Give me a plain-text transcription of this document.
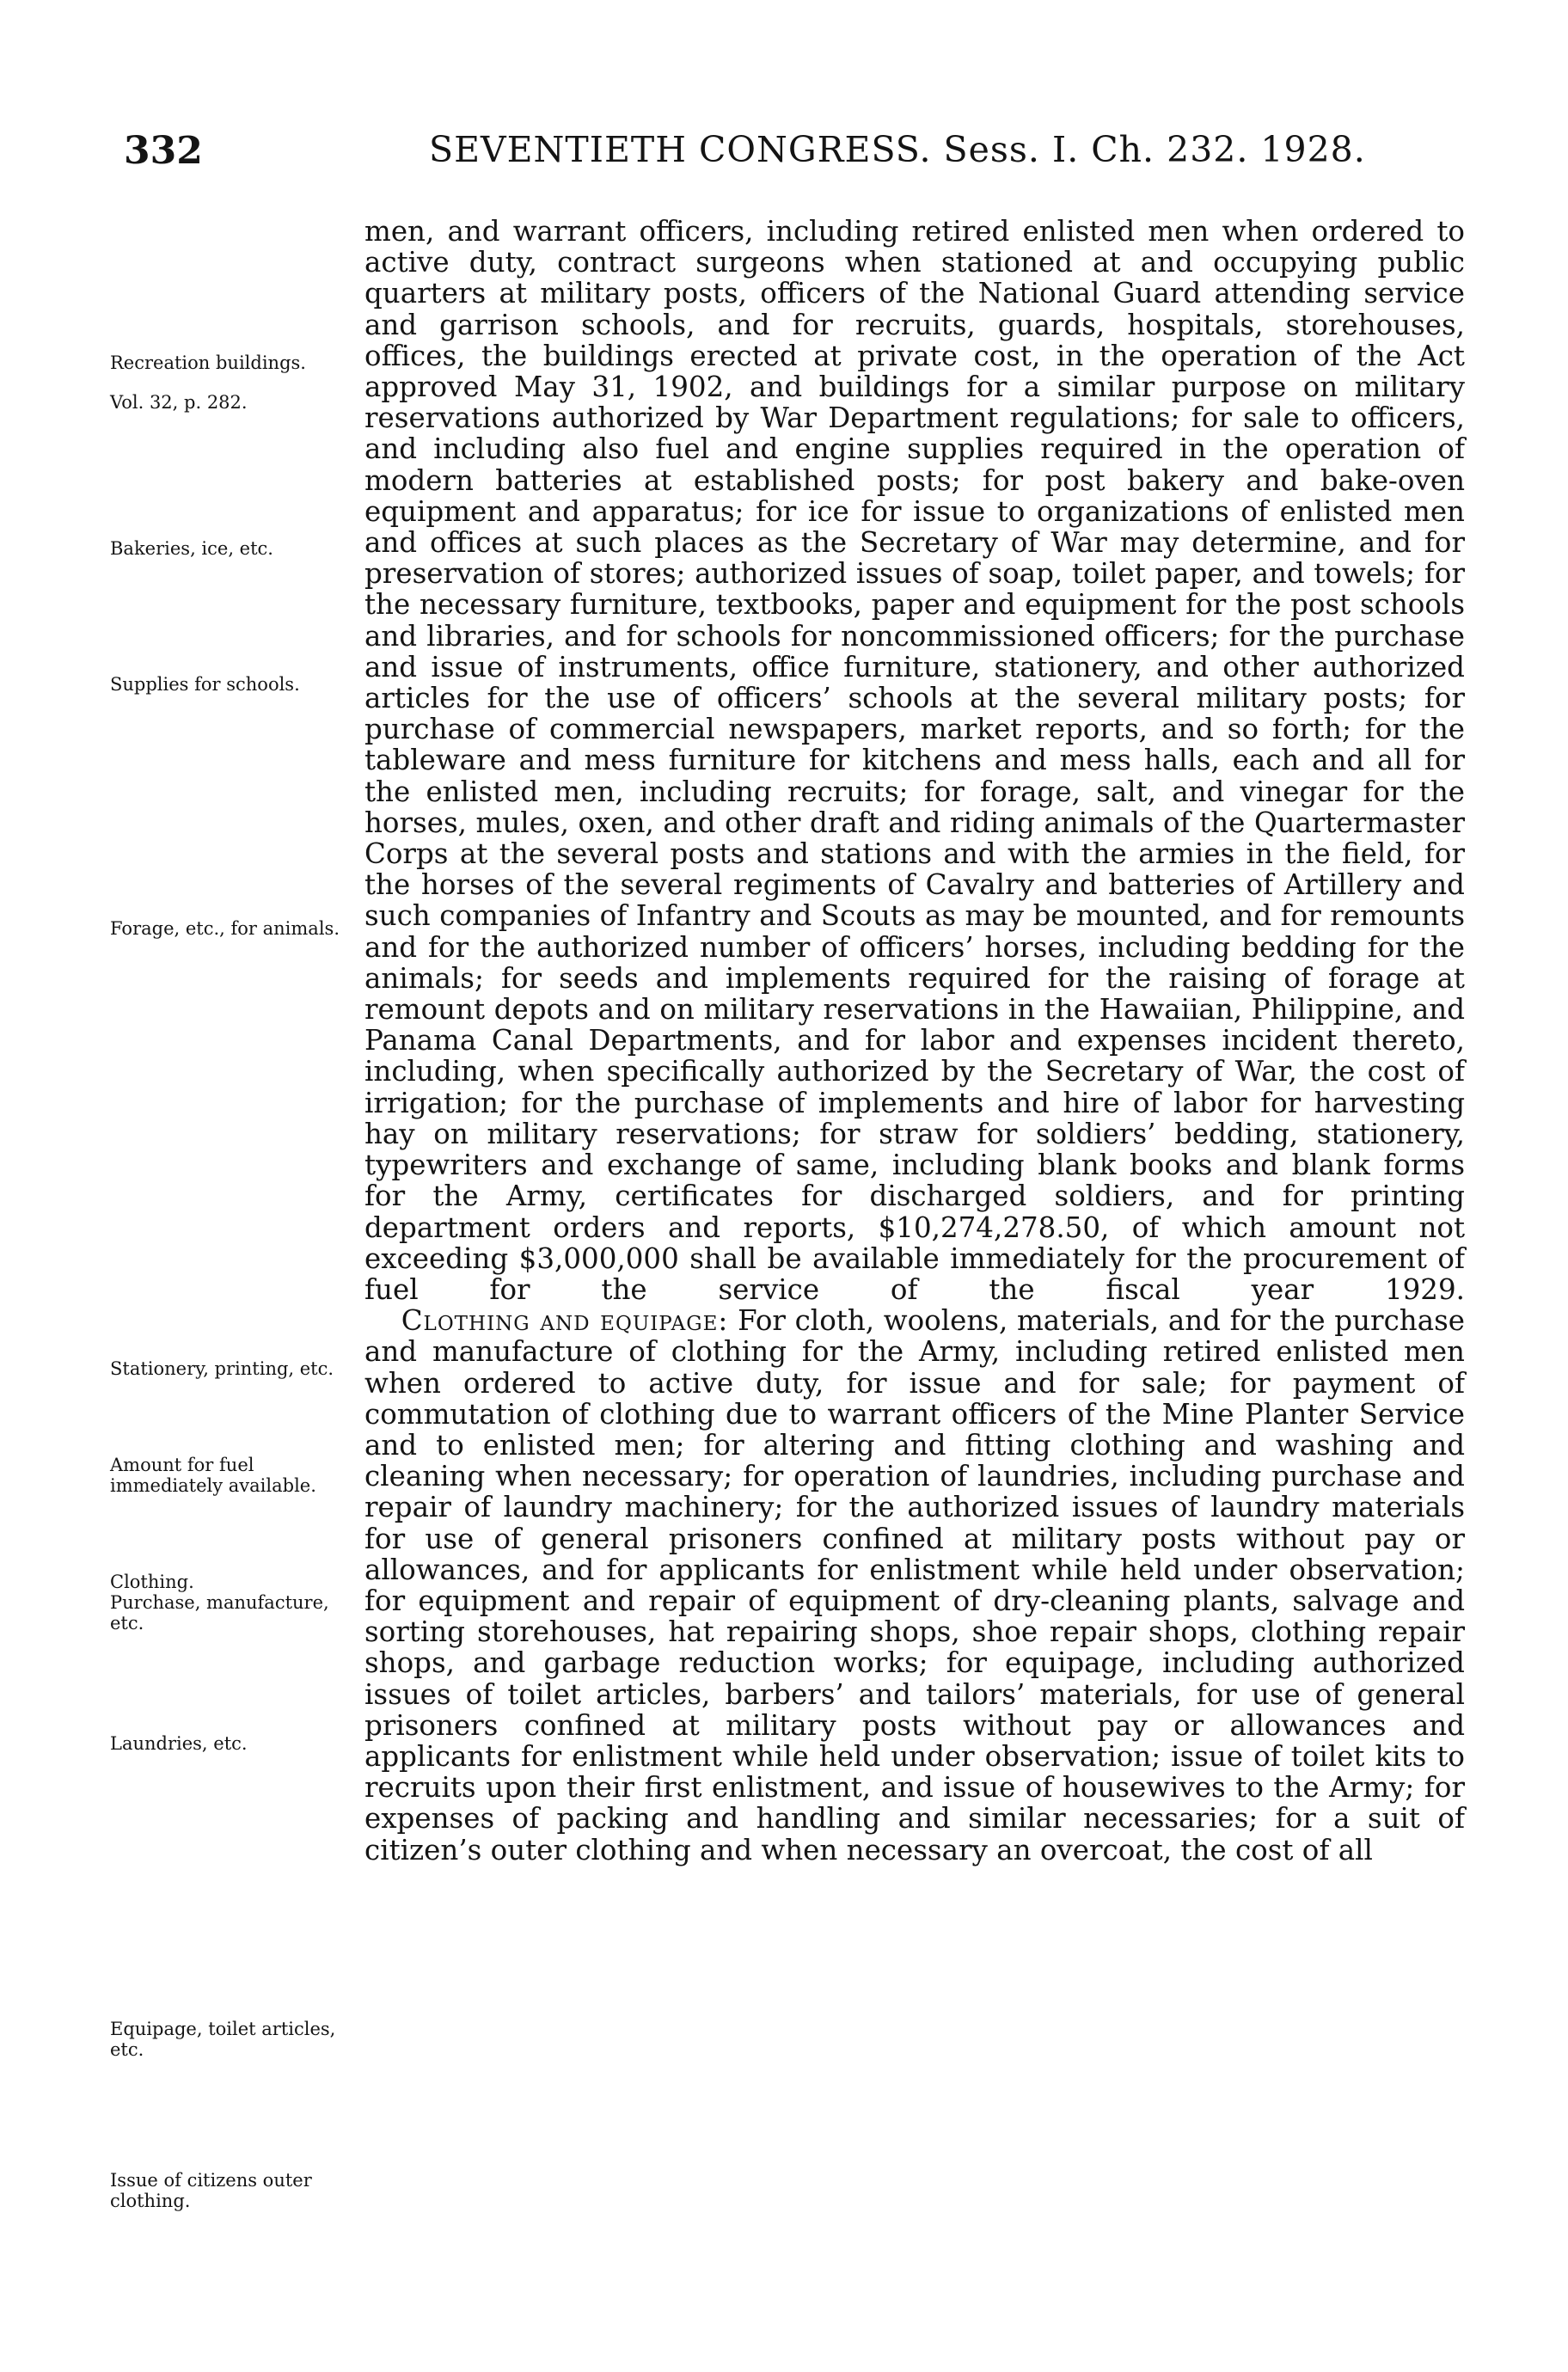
332	SEVENTIETH CONGRESS. Sess. I. Ch. 232. 1928.
Recreation buildings.
Vol. 32, p. 282.
Bakeries, ice, etc.
Supplies for schools.
Forage, etc., for animals.
Stationery, printing, etc.
Amount for fuel immediately available.
Clothing.
Purchase, manufacture, etc.
Laundries, etc.
Equipage, toilet articles, etc.
Issue of citizens outer clothing.

men, and warrant officers, including retired enlisted men when ordered to active duty, contract surgeons when stationed at and occupying public quarters at military posts, officers of the National Guard attending service and garrison schools, and for recruits, guards, hospitals, storehouses, offices, the buildings erected at private cost, in the operation of the Act approved May 31, 1902, and buildings for a similar purpose on military reservations authorized by War Department regulations; for sale to officers, and including also fuel and engine supplies required in the operation of modern batteries at established posts; for post bakery and bake-oven equipment and apparatus; for ice for issue to organizations of enlisted men and offices at such places as the Secretary of War may determine, and for preservation of stores; authorized issues of soap, toilet paper, and towels; for the necessary furniture, textbooks, paper and equipment for the post schools and libraries, and for schools for noncommissioned officers; for the purchase and issue of instruments, office furniture, stationery, and other authorized articles for the use of officers’ schools at the several military posts; for purchase of commercial newspapers, market reports, and so forth; for the tableware and mess furniture for kitchens and mess halls, each and all for the enlisted men, including recruits; for forage, salt, and vinegar for the horses, mules, oxen, and other draft and riding animals of the Quartermaster Corps at the several posts and stations and with the armies in the field, for the horses of the several regiments of Cavalry and batteries of Artillery and such companies of Infantry and Scouts as may be mounted, and for remounts and for the authorized number of officers’ horses, including bedding for the animals; for seeds and implements required for the raising of forage at remount depots and on military reservations in the Hawaiian, Philippine, and Panama Canal Departments, and for labor and expenses incident thereto, including, when specifically authorized by the Secretary of War, the cost of irrigation; for the purchase of implements and hire of labor for harvesting hay on military reservations; for straw for soldiers’ bedding, stationery, typewriters and exchange of same, including blank books and blank forms for the Army, certificates for discharged soldiers, and for printing department orders and reports, $10,274,278.50, of which amount not exceeding $3,000,000 shall be available immediately for the procurement of fuel for the service of the fiscal year 1929.

Clothing and equipage: For cloth, woolens, materials, and for the purchase and manufacture of clothing for the Army, including retired enlisted men when ordered to active duty, for issue and for sale; for payment of commutation of clothing due to warrant officers of the Mine Planter Service and to enlisted men; for altering and fitting clothing and washing and cleaning when necessary; for operation of laundries, including purchase and repair of laundry machinery; for the authorized issues of laundry materials for use of general prisoners confined at military posts without pay or allowances, and for applicants for enlistment while held under observation; for equipment and repair of equipment of dry-cleaning plants, salvage and sorting storehouses, hat repairing shops, shoe repair shops, clothing repair shops, and garbage reduction works; for equipage, including authorized issues of toilet articles, barbers’ and tailors’ materials, for use of general prisoners confined at military posts without pay or allowances and applicants for enlistment while held under observation; issue of toilet kits to recruits upon their first enlistment, and issue of housewives to the Army; for expenses of packing and handling and similar necessaries; for a suit of citizen’s outer clothing and when necessary an overcoat, the cost of all
